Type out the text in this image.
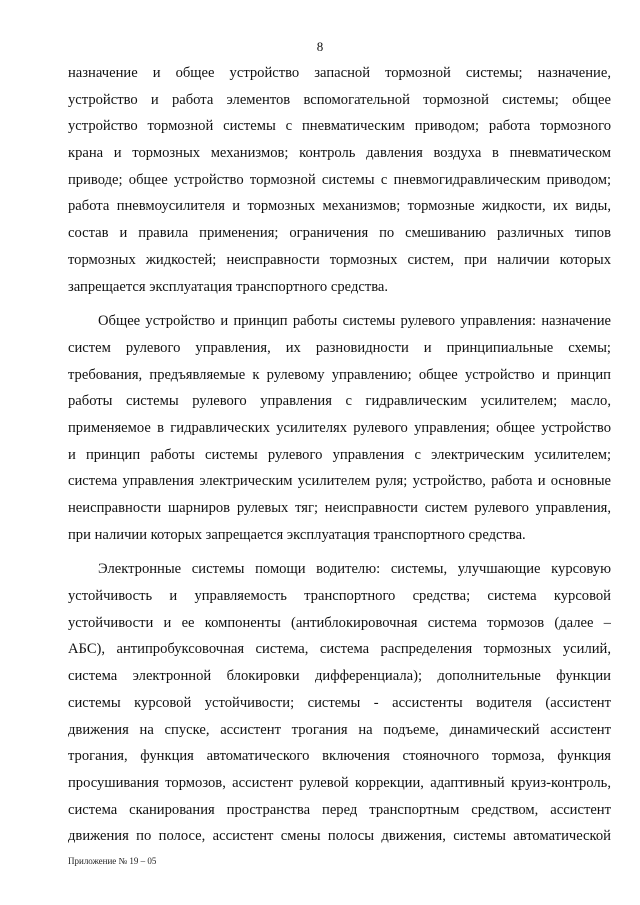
8
назначение и общее устройство запасной тормозной системы; назначение,
устройство и работа элементов вспомогательной тормозной системы; общее
устройство тормозной системы с пневматическим приводом; работа тормозного
крана и тормозных механизмов; контроль давления воздуха в пневматическом
приводе; общее устройство тормозной системы с пневмогидравлическим приводом;
работа пневмоусилителя и тормозных механизмов; тормозные жидкости, их виды,
состав и правила применения; ограничения по смешиванию различных типов
тормозных жидкостей; неисправности тормозных систем, при наличии которых
запрещается эксплуатация транспортного средства.
Общее устройство и принцип работы системы рулевого управления: назначение
систем рулевого управления, их разновидности и принципиальные схемы;
требования, предъявляемые к рулевому управлению; общее устройство и принцип
работы системы рулевого управления с гидравлическим усилителем; масло,
применяемое в гидравлических усилителях рулевого управления; общее устройство
и принцип работы системы рулевого управления с электрическим усилителем;
система управления электрическим усилителем руля; устройство, работа и основные
неисправности шарниров рулевых тяг; неисправности систем рулевого управления,
при наличии которых запрещается эксплуатация транспортного средства.
Электронные системы помощи водителю: системы, улучшающие курсовую
устойчивость и управляемость транспортного средства; система курсовой
устойчивости и ее компоненты (антиблокировочная система тормозов (далее –
АБС), антипробуксовочная система, система распределения тормозных усилий,
система электронной блокировки дифференциала); дополнительные функции
системы курсовой устойчивости; системы - ассистенты водителя (ассистент
движения на спуске, ассистент трогания на подъеме, динамический ассистент
трогания, функция автоматического включения стояночного тормоза, функция
просушивания тормозов, ассистент рулевой коррекции, адаптивный круиз-контроль,
система сканирования пространства перед транспортным средством, ассистент
движения по полосе, ассистент смены полосы движения, системы автоматической
Приложение № 19 – 05
